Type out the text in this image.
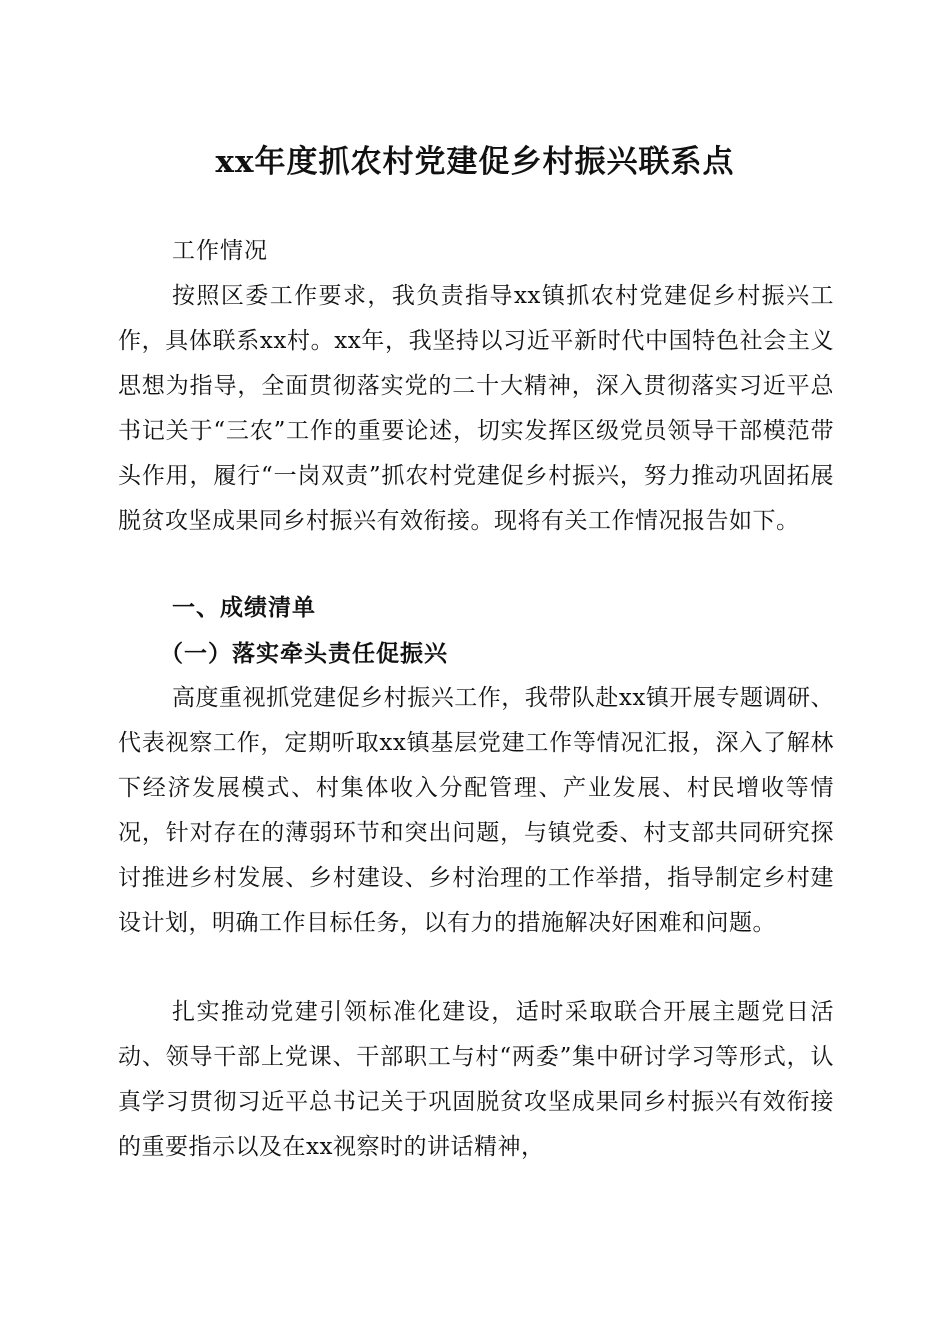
xx年度抓农村党建促乡村振兴联系点

工作情况

按照区委工作要求，我负责指导xx镇抓农村党建促乡村振兴工作，具体联系xx村。xx年，我坚持以习近平新时代中国特色社会主义思想为指导，全面贯彻落实党的二十大精神，深入贯彻落实习近平总书记关于“三农”工作的重要论述，切实发挥区级党员领导干部模范带头作用，履行“一岗双责”抓农村党建促乡村振兴，努力推动巩固拓展脱贫攻坚成果同乡村振兴有效衔接。现将有关工作情况报告如下。

一、成绩清单

（一）落实牵头责任促振兴

高度重视抓党建促乡村振兴工作，我带队赴xx镇开展专题调研、代表视察工作，定期听取xx镇基层党建工作等情况汇报，深入了解林下经济发展模式、村集体收入分配管理、产业发展、村民增收等情况，针对存在的薄弱环节和突出问题，与镇党委、村支部共同研究探讨推进乡村发展、乡村建设、乡村治理的工作举措，指导制定乡村建设计划，明确工作目标任务，以有力的措施解决好困难和问题。

扎实推动党建引领标准化建设，适时采取联合开展主题党日活动、领导干部上党课、干部职工与村“两委”集中研讨学习等形式，认真学习贯彻习近平总书记关于巩固脱贫攻坚成果同乡村振兴有效衔接的重要指示以及在xx视察时的讲话精神，
